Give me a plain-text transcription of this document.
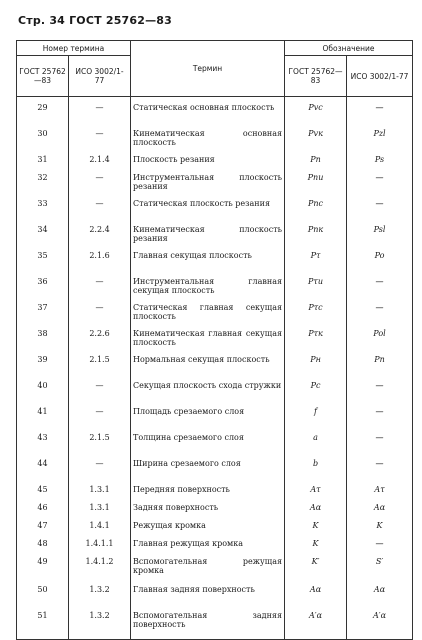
Стр. 34 ГОСТ 25762—83
Номер термина		Термин	Обозначение	
ГОСТ 25762—83	ИСО 3002/1-77		ГОСТ 25762—83	ИСО 3002/1-77

29	—	Статическая основная плоскость	Pvc	—
30	—	Кинематическая основная плоскость	Pvк	Pzl
31	2.1.4	Плоскость резания	Pn	Ps
32	—	Инструментальная плоскость резания	Pnи	—
33	—	Статическая плоскость резания	Pnc	—
34	2.2.4	Кинематическая плоскость резания	Pnк	Psl
35	2.1.6	Главная секущая плоскость	Pτ	Po
36	—	Инструментальная главная секущая плоскость	Pτи	—
37	—	Статическая главная секущая плоскость	Pτc	—
38	2.2.6	Кинематическая главная секущая плоскость	Pτк	Pol
39	2.1.5	Нормальная секущая плоскость	Pн	Pn
40	—	Секущая плоскость схода стружки	Pc	—
41	—	Площадь срезаемого слоя	f	—
43	2.1.5	Толщина срезаемого слоя	a	—
44	—	Ширина срезаемого слоя	b	—
45	1.3.1	Передняя поверхность	Aτ	Aτ
46	1.3.1	Задняя поверхность	Aα	Aα
47	1.4.1	Режущая кромка	K	K
48	1.4.1.1	Главная режущая кромка	K	—
49	1.4.1.2	Вспомогательная режущая кромка	K′	S′
50	1.3.2	Главная задняя поверхность	Aα	Aα
51	1.3.2	Вспомогательная задняя поверхность	A′α	A′α
